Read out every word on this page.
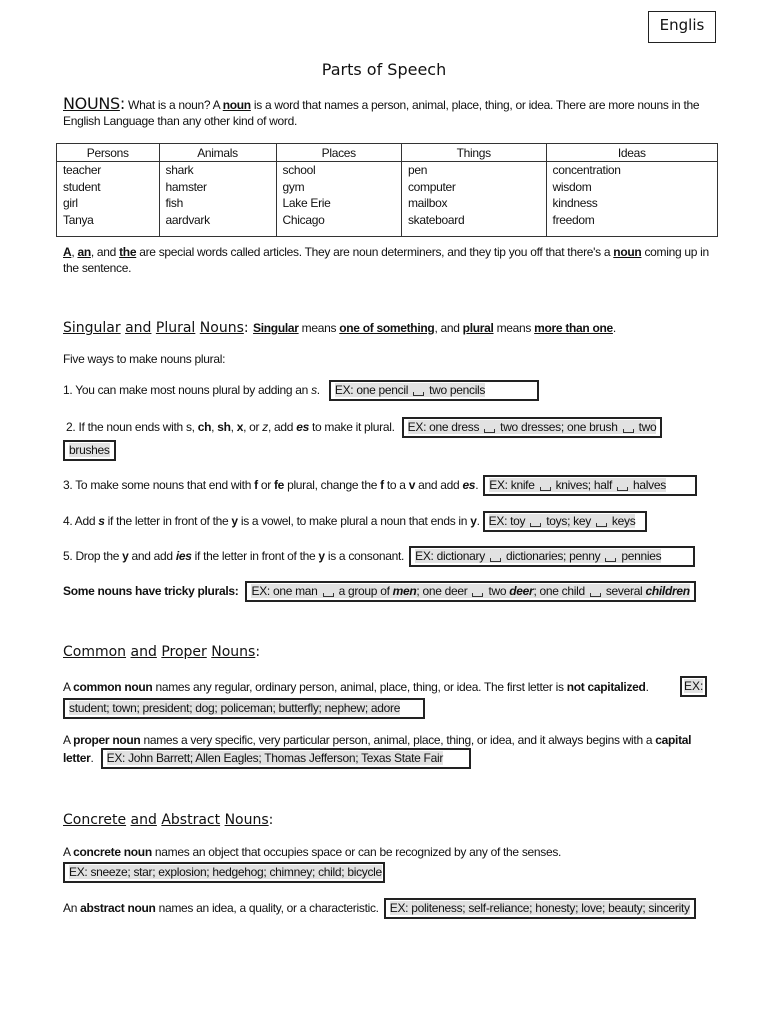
Englis
Parts of Speech
NOUNS: What is a noun? A noun is a word that names a person, animal, place, thing, or idea. There are more nouns in the English Language than any other kind of word.
Persons	Animals	Places	Things	Ideas
teacher	shark	school	pen	concentration
student	hamster	gym	computer	wisdom
girl	fish	Lake Erie	mailbox	kindness
Tanya	aardvark	Chicago	skateboard	freedom
A, an, and the are special words called articles. They are noun determiners, and they tip you off that there's a noun coming up in the sentence.
Singular and Plural Nouns: Singular means one of something, and plural means more than one.
Five ways to make nouns plural:
1. You can make most nouns plural by adding an s. EX: one pencil two pencils
2. If the noun ends with s, ch, sh, x, or z, add es to make it plural. EX: one dress two dresses; one brush two
brushes
3. To make some nouns that end with f or fe plural, change the f to a v and add es. EX: knife knives; half halves
4. Add s if the letter in front of the y is a vowel, to make plural a noun that ends in y. EX: toy toys; key keys
5. Drop the y and add ies if the letter in front of the y is a consonant. EX: dictionary dictionaries; penny pennies
Some nouns have tricky plurals: EX: one man a group of men; one deer two deer; one child several children
Common and Proper Nouns:
A common noun names any regular, ordinary person, animal, place, thing, or idea. The first letter is not capitalized.	EX:
student; town; president; dog; policeman; butterfly; nephew; adore
A proper noun names a very specific, very particular person, animal, place, thing, or idea, and it always begins with a capital letter. EX: John Barrett; Allen Eagles; Thomas Jefferson; Texas State Fair
Concrete and Abstract Nouns:
A concrete noun names an object that occupies space or can be recognized by any of the senses.
EX: sneeze; star; explosion; hedgehog; chimney; child; bicycle
An abstract noun names an idea, a quality, or a characteristic. EX: politeness; self-reliance; honesty; love; beauty; sincerity
